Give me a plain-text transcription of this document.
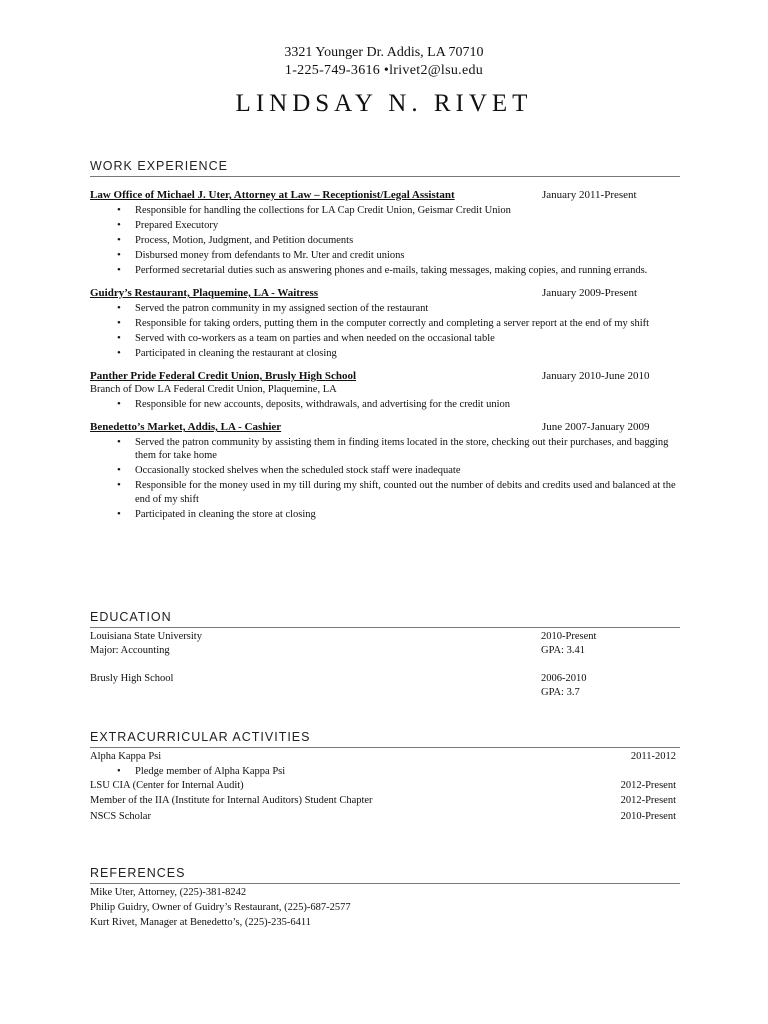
3321 Younger Dr. Addis, LA 70710
1-225-749-3616 •lrivet2@lsu.edu
LINDSAY N. RIVET
WORK EXPERIENCE
Law Office of Michael J. Uter, Attorney at Law – Receptionist/Legal Assistant	January 2011-Present
• Responsible for handling the collections for LA Cap Credit Union, Geismar Credit Union
• Prepared Executory
• Process, Motion, Judgment, and Petition documents
• Disbursed money from defendants to Mr. Uter and credit unions
• Performed secretarial duties such as answering phones and e-mails, taking messages, making copies, and running errands.
Guidry’s Restaurant, Plaquemine, LA - Waitress	January 2009-Present
• Served the patron community in my assigned section of the restaurant
• Responsible for taking orders, putting them in the computer correctly and completing a server report at the end of my shift
• Served with co-workers as a team on parties and when needed on the occasional table
• Participated in cleaning the restaurant at closing
Panther Pride Federal Credit Union, Brusly High School	January 2010-June 2010
Branch of Dow LA Federal Credit Union, Plaquemine, LA
• Responsible for new accounts, deposits, withdrawals, and advertising for the credit union
Benedetto’s Market, Addis, LA - Cashier	June 2007-January 2009
• Served the patron community by assisting them in finding items located in the store, checking out their purchases, and bagging them for take home
• Occasionally stocked shelves when the scheduled stock staff were inadequate
• Responsible for the money used in my till during my shift, counted out the number of debits and credits used and balanced at the end of my shift
• Participated in cleaning the store at closing
EDUCATION
Louisiana State University	2010-Present
Major: Accounting	GPA: 3.41
Brusly High School	2006-2010
GPA: 3.7
EXTRACURRICULAR ACTIVITIES
Alpha Kappa Psi	2011-2012
• Pledge member of Alpha Kappa Psi
LSU CIA (Center for Internal Audit)	2012-Present
Member of the IIA (Institute for Internal Auditors) Student Chapter	2012-Present
NSCS Scholar	2010-Present
REFERENCES
Mike Uter, Attorney, (225)-381-8242
Philip Guidry, Owner of Guidry’s Restaurant, (225)-687-2577
Kurt Rivet, Manager at Benedetto’s, (225)-235-6411
